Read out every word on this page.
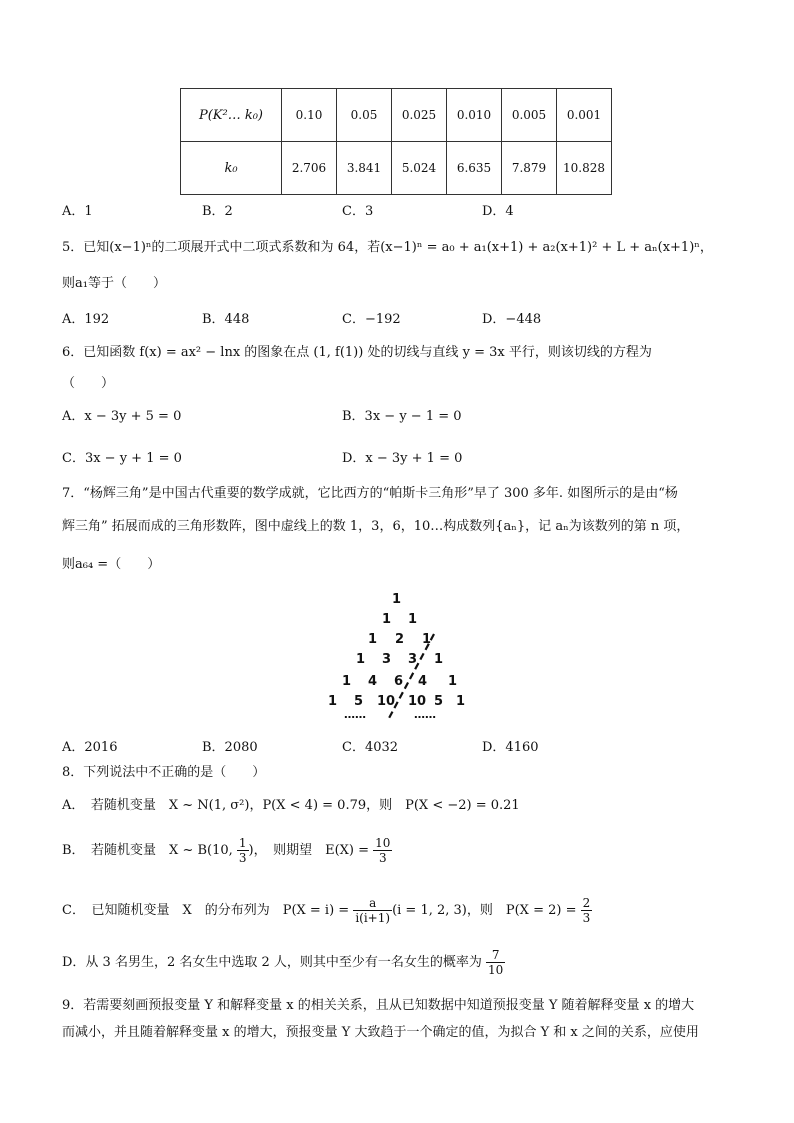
P(K²… k₀)	0.10	0.05	0.025	0.010	0.005	0.001
k₀	2.706	3.841	5.024	6.635	7.879	10.828
A．1	B．2	C．3	D．4
5．已知(x−1)ⁿ的二项展开式中二项式系数和为 64，若(x−1)ⁿ = a₀ + a₁(x+1) + a₂(x+1)² + L + aₙ(x+1)ⁿ，
则a₁等于（　　）
A．192	B．448	C．−192	D．−448
6．已知函数 f(x) = ax² − lnx 的图象在点 (1, f(1)) 处的切线与直线 y = 3x 平行，则该切线的方程为
（　　）
A．x − 3y + 5 = 0	B．3x − y − 1 = 0
C．3x − y + 1 = 0	D．x − 3y + 1 = 0
7．“杨辉三角”是中国古代重要的数学成就，它比西方的“帕斯卡三角形”早了 300 多年. 如图所示的是由“杨
辉三角” 拓展而成的三角形数阵，图中虚线上的数 1，3，6，10…构成数列{aₙ}，记 aₙ为该数列的第 n 项，
则a₆₄ =（　　）
1
1 1
1 2 1
1 3 3 1
1 4 6 4 1
1 5 10 10 5 1
……	……
A．2016	B．2080	C．4032	D．4160
8．下列说法中不正确的是（　　）
A．　若随机变量　X ~ N(1, σ²)，P(X < 4) = 0.79，则　P(X < −2) = 0.21
B．　若随机变量　X ~ B(10, $\frac{1}{3}$ )，　则期望　$E(X) = \frac{10}{3}$
C．　已知随机变量　X　的分布列为　$P(X = i) = \frac{a}{i(i+1)} (i = 1$, 2, 3)，则　$P(X = 2) = \frac{2}{3}$
D．从 3 名男生，2 名女生中选取 2 人，则其中至少有一名女生的概率为 $\frac{7}{10}$
9．若需要刻画预报变量 Y 和解释变量 x 的相关关系，且从已知数据中知道预报变量 Y 随着解释变量 x 的增大
而减小，并且随着解释变量 x 的增大，预报变量 Y 大致趋于一个确定的值，为拟合 Y 和 x 之间的关系，应使用
